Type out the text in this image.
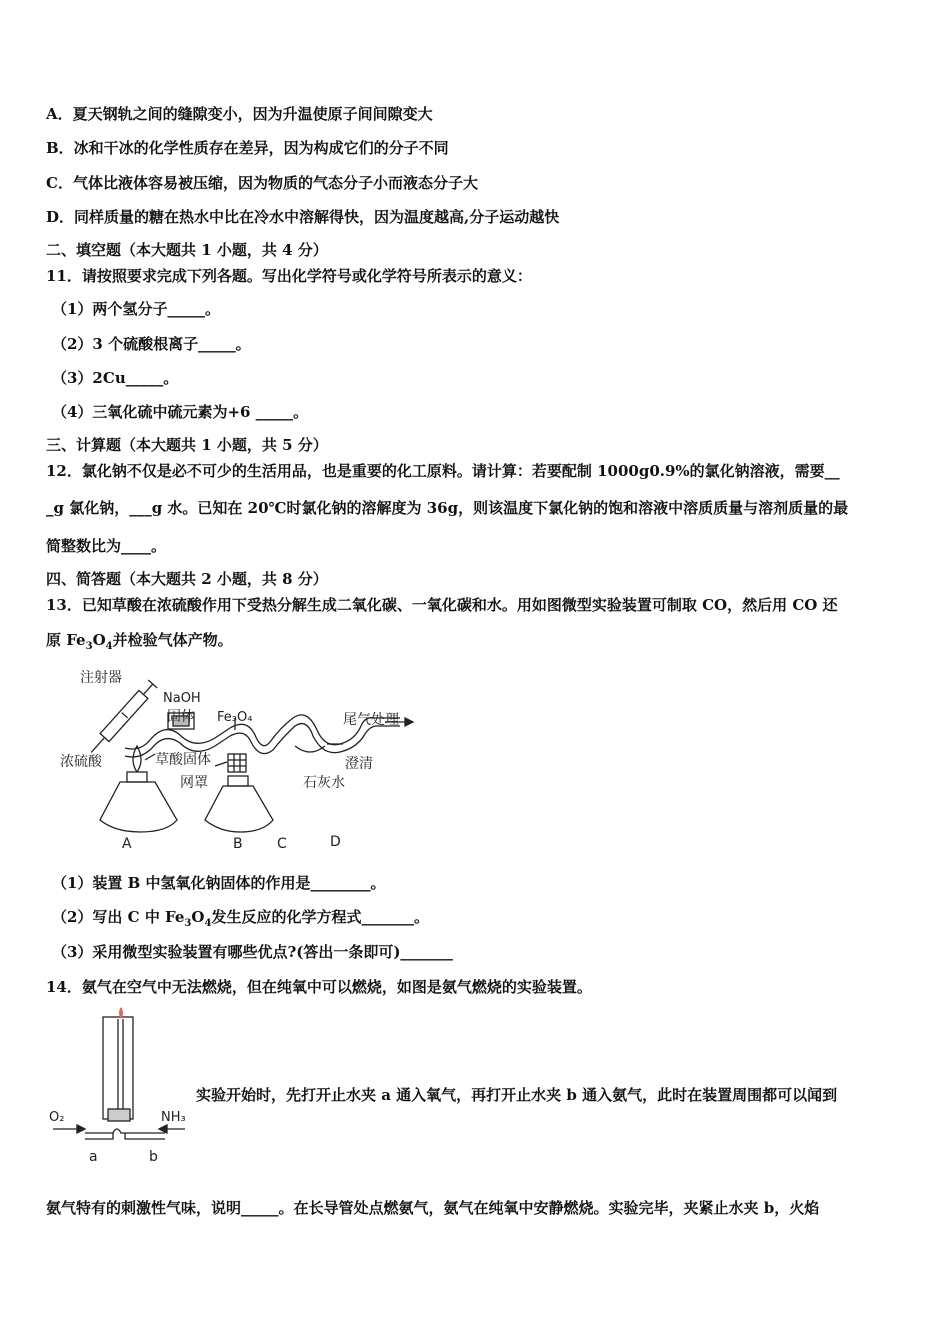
A．夏天钢轨之间的缝隙变小，因为升温使原子间间隙变大
B．冰和干冰的化学性质存在差异，因为构成它们的分子不同
C．气体比液体容易被压缩，因为物质的气态分子小而液态分子大
D．同样质量的糖在热水中比在冷水中溶解得快，因为温度越高,分子运动越快
二、填空题（本大题共 1 小题，共 4 分）
11．请按照要求完成下列各题。写出化学符号或化学符号所表示的意义：
（1）两个氢分子_____。
（2）3 个硫酸根离子_____。
（3）2Cu_____。
（4）三氧化硫中硫元素为+6 _____。
三、计算题（本大题共 1 小题，共 5 分）
12．氯化钠不仅是必不可少的生活用品，也是重要的化工原料。请计算：若要配制 1000g0.9%的氯化钠溶液，需要__
_g 氯化钠，___g 水。已知在 20℃时氯化钠的溶解度为 36g，则该温度下氯化钠的饱和溶液中溶质质量与溶剂质量的最
简整数比为____。
四、简答题（本大题共 2 小题，共 8 分）
13．已知草酸在浓硫酸作用下受热分解生成二氧化碳、一氧化碳和水。用如图微型实验装置可制取 CO，然后用 CO 还
原 $Fe_3O_4$并检验气体产物。
注射器
NaOH
固体 Fe₃O₄	尾气处理
浓硫酸	草酸固体	澄清
石灰水
网罩
A	B C	D
（1）装置 B 中氢氧化钠固体的作用是________。
（2）写出 C 中 $Fe_3O_4$发生反应的化学方程式_______。
（3）采用微型实验装置有哪些优点?(答出一条即可)_______
14．氨气在空气中无法燃烧，但在纯氧中可以燃烧，如图是氨气燃烧的实验装置。
O₂	NH₃
a	b
实验开始时，先打开止水夹 a 通入氧气，再打开止水夹 b 通入氨气，此时在装置周围都可以闻到
氨气特有的刺激性气味，说明_____。在长导管处点燃氨气，氨气在纯氧中安静燃烧。实验完毕，夹紧止水夹 b，火焰
